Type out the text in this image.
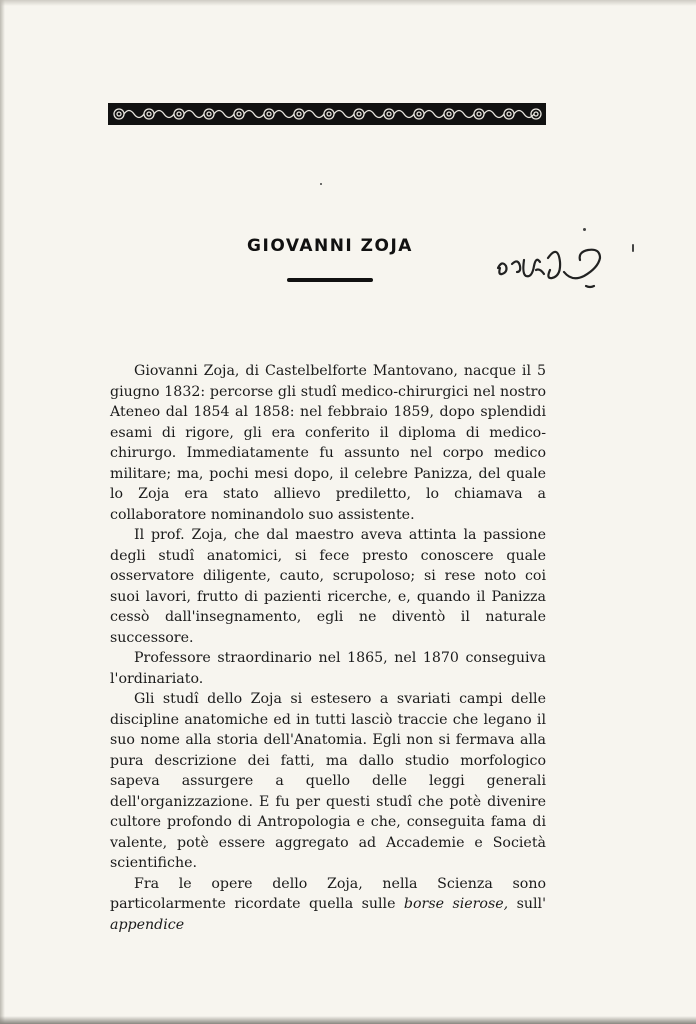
GIOVANNI ZOJA

Giovanni Zoja, di Castelbelforte Mantovano, nacque il 5 giugno 1832: percorse gli studî medico-chirurgici nel nostro Ateneo dal 1854 al 1858: nel febbraio 1859, dopo splendidi esami di rigore, gli era conferito il diploma di medico-chirurgo. Immediatamente fu assunto nel corpo medico militare; ma, pochi mesi dopo, il celebre Panizza, del quale lo Zoja era stato allievo prediletto, lo chiamava a collaboratore nominandolo suo assistente.

Il prof. Zoja, che dal maestro aveva attinta la passione degli studî anatomici, si fece presto conoscere quale osservatore diligente, cauto, scrupoloso; si rese noto coi suoi lavori, frutto di pazienti ricerche, e, quando il Panizza cessò dall'insegnamento, egli ne diventò il naturale successore.

Professore straordinario nel 1865, nel 1870 conseguiva l'ordinariato.

Gli studî dello Zoja si estesero a svariati campi delle discipline anatomiche ed in tutti lasciò traccie che legano il suo nome alla storia dell'Anatomia. Egli non si fermava alla pura descrizione dei fatti, ma dallo studio morfologico sapeva assurgere a quello delle leggi generali dell'organizzazione. E fu per questi studî che potè divenire cultore profondo di Antropologia e che, conseguita fama di valente, potè essere aggregato ad Accademie e Società scientifiche.

Fra le opere dello Zoja, nella Scienza sono particolarmente ricordate quella sulle borse sierose, sull' appendice
